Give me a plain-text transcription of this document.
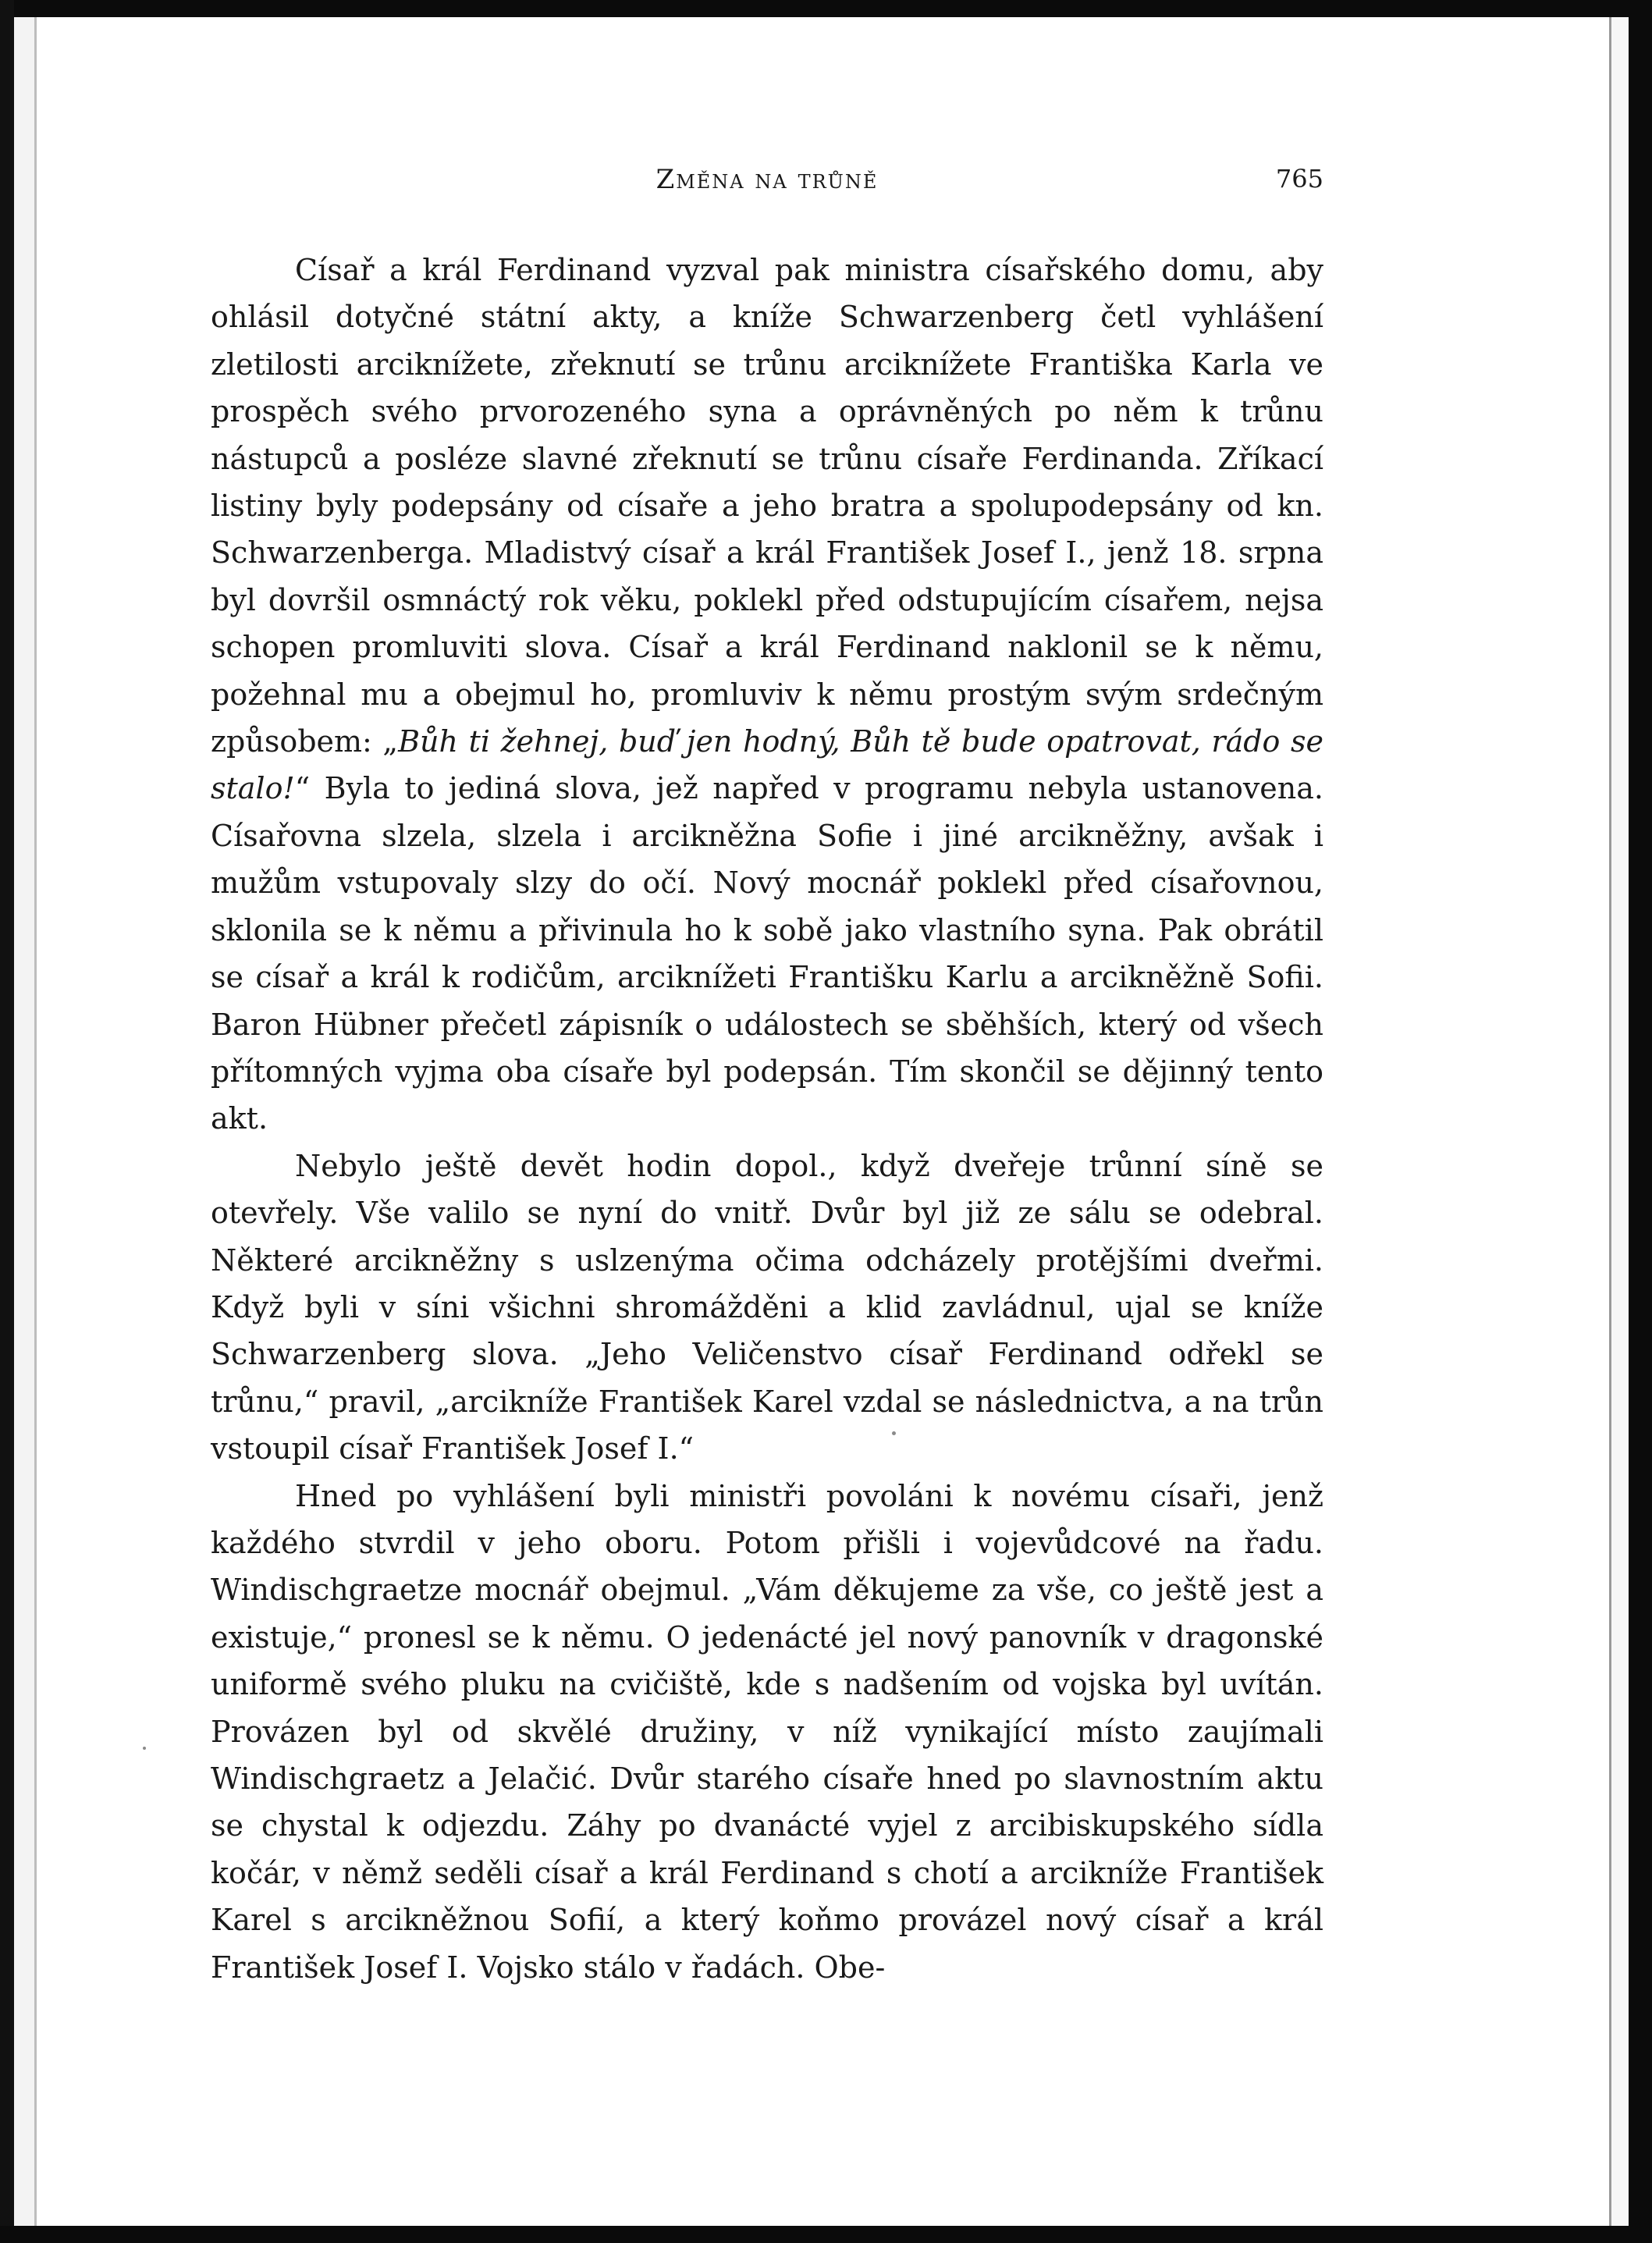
Změna na trůně	765

Císař a král Ferdinand vyzval pak ministra císařského domu, aby ohlásil dotyčné státní akty, a kníže Schwarzenberg četl vyhlášení zletilosti arciknížete, zřeknutí se trůnu arciknížete Františka Karla ve prospěch svého prvorozeného syna a oprávněných po něm k trůnu nástupců a posléze slavné zřeknutí se trůnu císaře Ferdinanda. Zříkací listiny byly podepsány od císaře a jeho bratra a spolupodepsány od kn. Schwarzenberga. Mladistvý císař a král František Josef I., jenž 18. srpna byl dovršil osmnáctý rok věku, poklekl před odstupujícím císařem, nejsa schopen promluviti slova. Císař a král Ferdinand naklonil se k němu, požehnal mu a obejmul ho, promluviv k němu prostým svým srdečným způsobem: „Bůh ti žehnej, buď jen hodný, Bůh tě bude opatrovat, rádo se stalo!“ Byla to jediná slova, jež napřed v programu nebyla ustanovena. Císařovna slzela, slzela i arcikněžna Sofie i jiné arcikněžny, avšak i mužům vstupovaly slzy do očí. Nový mocnář poklekl před císařovnou, sklonila se k němu a přivinula ho k sobě jako vlastního syna. Pak obrátil se císař a král k rodičům, arciknížeti Františku Karlu a arcikněžně Sofii. Baron Hübner přečetl zápisník o událostech se sběhších, který od všech přítomných vyjma oba císaře byl podepsán. Tím skončil se dějinný tento akt.

Nebylo ještě devět hodin dopol., když dveřeje trůnní síně se otevřely. Vše valilo se nyní do vnitř. Dvůr byl již ze sálu se odebral. Některé arcikněžny s uslzenýma očima odcházely protějšími dveřmi. Když byli v síni všichni shromážděni a klid zavládnul, ujal se kníže Schwarzenberg slova. „Jeho Veličenstvo císař Ferdinand odřekl se trůnu,“ pravil, „arcikníže František Karel vzdal se následnictva, a na trůn vstoupil císař František Josef I.“

Hned po vyhlášení byli ministři povoláni k novému císaři, jenž každého stvrdil v jeho oboru. Potom přišli i vojevůdcové na řadu. Windischgraetze mocnář obejmul. „Vám děkujeme za vše, co ještě jest a existuje,“ pronesl se k němu. O jedenácté jel nový panovník v dragonské uniformě svého pluku na cvičiště, kde s nadšením od vojska byl uvítán. Provázen byl od skvělé družiny, v níž vynikající místo zaujímali Windischgraetz a Jelačić. Dvůr starého císaře hned po slavnostním aktu se chystal k odjezdu. Záhy po dvanácté vyjel z arcibiskupského sídla kočár, v němž seděli císař a král Ferdinand s chotí a arcikníže František Karel s arcikněžnou Sofií, a který koňmo provázel nový císař a král František Josef I. Vojsko stálo v řadách. Obe-
